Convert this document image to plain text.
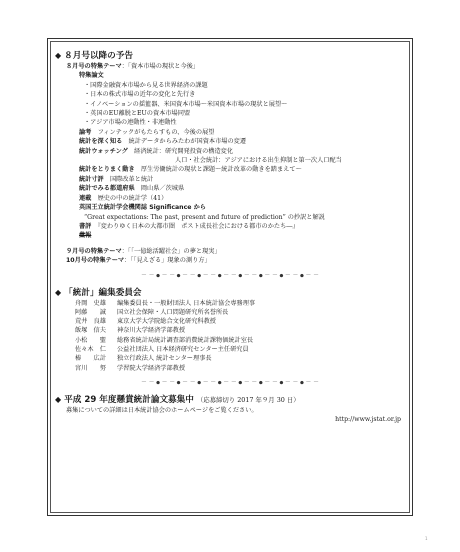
◆ ８月号以降の予告
８月号の特集テーマ：「資本市場の現状と今後」
特集論文
・国際金融資本市場から見る世界経済の課題
・日本の株式市場の近年の変化と先行き
・イノベーションの揺籃器、米国資本市場～米国資本市場の現状と展望～
・英国のEU離脱とEUの資本市場同盟
・アジア市場の連動性・非連動性
論考　 フィンテックがもたらすもの、今後の展望
統計を深く知る　 統計データからみたわが国資本市場の変遷
統計ウォッチング　 経済統計：研究開発投資の構造変化
人口・社会統計：アジアにおける出生抑制と第一次人口配当
統計をとりまく動き　 厚生労働統計の現状と課題～統計改革の動きを踏まえて～
統計寸評　 国際改革と統計
統計でみる都道府県　 岡山県／茨城県
連載　 歴史の中の統計学（41）
英国王立統計学会機関誌 Significance から
“Great expectations: The past, present and future of prediction” の抄訳と解説
書評　 『変わりゆく日本の大都市圏　ポスト成長社会における都市のかたち―』
彙報
９月号の特集テーマ：「「一億総活躍社会」の夢と現実」
10月号の特集テーマ：「「見えざる」現象の測り方」
－－●－－●－－●－－●－－●－－●－－●－－●－－
◆ 「統計」編集委員会
舟岡　史雄	編集委員長・一般財団法人 日本統計協会専務理事
阿藤　　誠	国立社会保障・人口問題研究所名誉所長
荒井　良雄	東京大学大学院総合文化研究科教授
飯塚　信夫	神奈川大学経済学部教授
小松　　聖	総務省統計局統計調査部消費統計課物価統計室長
佐々木　仁	公益社団法人 日本経済研究センター主任研究員
椿　　広計	独立行政法人 統計センター理事長
宮川　　努	学習院大学経済学部教授
－－●－－●－－●－－●－－●－－●－－●－－●－－
◆ 平成 29 年度懸賞統計論文募集中 （応募締切り 2017 年９月 30 日）
募集についての詳細は日本統計協会のホームページをご覧ください。
http://www.jstat.or.jp
1
